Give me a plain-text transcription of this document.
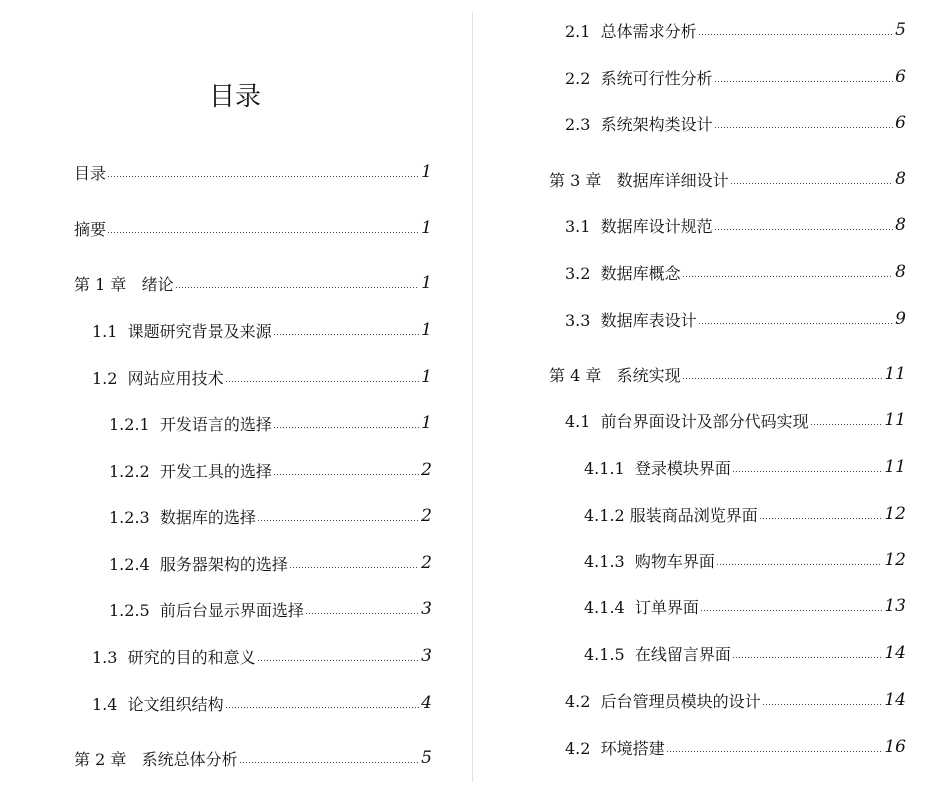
目录
目录	1
摘要	1
第 1 章   绪论	1
1.1  课题研究背景及来源	1
1.2  网站应用技术	1
1.2.1  开发语言的选择	1
1.2.2  开发工具的选择	2
1.2.3  数据库的选择	2
1.2.4  服务器架构的选择	2
1.2.5  前后台显示界面选择	3
1.3  研究的目的和意义	3
1.4  论文组织结构	4
第 2 章   系统总体分析	5
2.1  总体需求分析	5
2.2  系统可行性分析	6
2.3  系统架构类设计	6
第 3 章   数据库详细设计	8
3.1  数据库设计规范	8
3.2  数据库概念	8
3.3  数据库表设计	9
第 4 章   系统实现	11
4.1  前台界面设计及部分代码实现	11
4.1.1  登录模块界面	11
4.1.2 服装商品浏览界面	12
4.1.3  购物车界面	12
4.1.4  订单界面	13
4.1.5  在线留言界面	14
4.2  后台管理员模块的设计	14
4.2  环境搭建	16
